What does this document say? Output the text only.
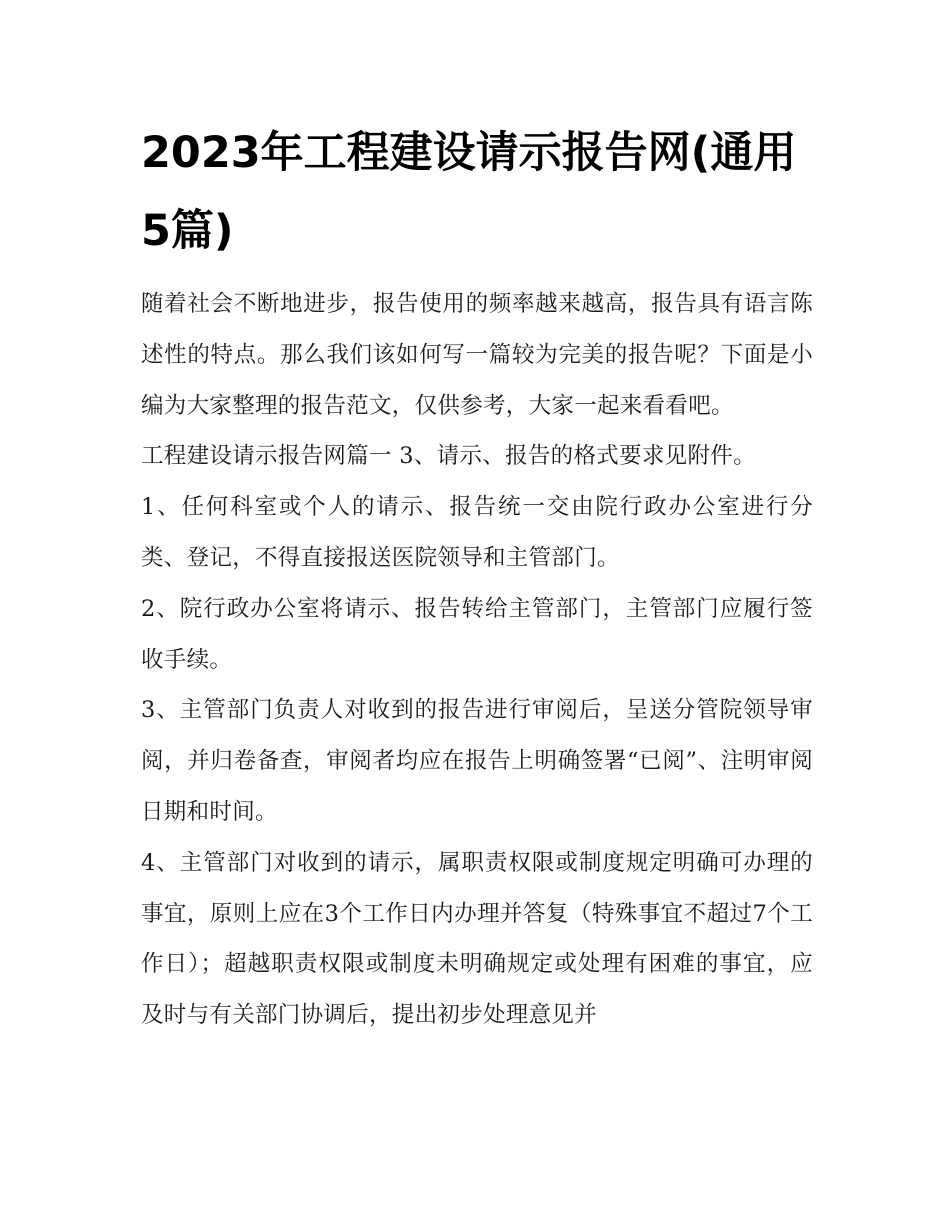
2023年工程建设请示报告网(通用5篇)

随着社会不断地进步，报告使用的频率越来越高，报告具有语言陈述性的特点。那么我们该如何写一篇较为完美的报告呢？下面是小编为大家整理的报告范文，仅供参考，大家一起来看看吧。

工程建设请示报告网篇一 3、请示、报告的格式要求见附件。

1、任何科室或个人的请示、报告统一交由院行政办公室进行分类、登记，不得直接报送医院领导和主管部门。

2、院行政办公室将请示、报告转给主管部门，主管部门应履行签收手续。

3、主管部门负责人对收到的报告进行审阅后，呈送分管院领导审阅，并归卷备查，审阅者均应在报告上明确签署“已阅”、注明审阅日期和时间。

4、主管部门对收到的请示，属职责权限或制度规定明确可办理的事宜，原则上应在3个工作日内办理并答复（特殊事宜不超过7个工作日）；超越职责权限或制度未明确规定或处理有困难的事宜，应及时与有关部门协调后，提出初步处理意见并
